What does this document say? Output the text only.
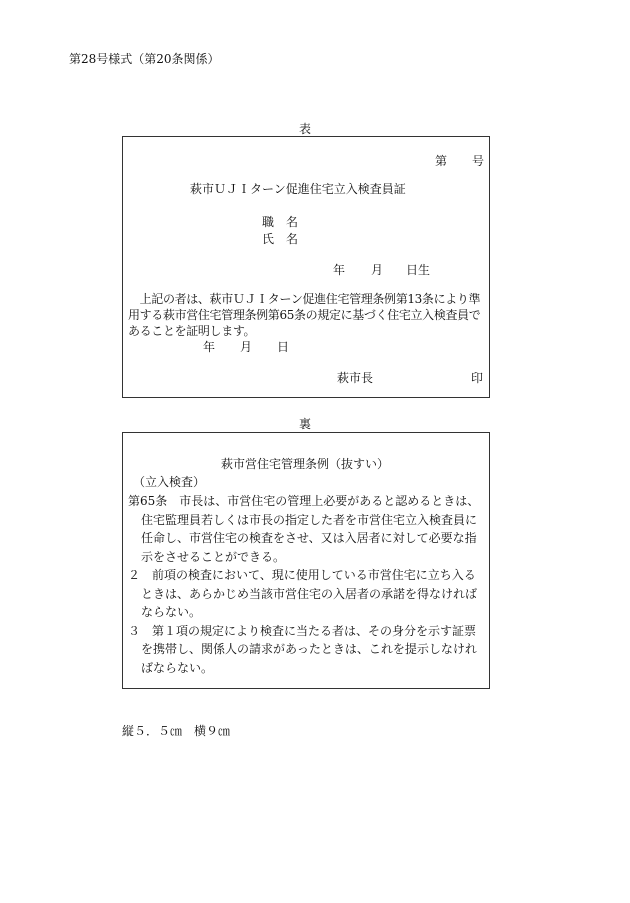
第28号様式（第20条関係）
表
第 号
萩市ＵＪＩターン促進住宅立入検査員証
職　名
氏　名
年 月 日生
　上記の者は、萩市ＵＪＩターン促進住宅管理条例第13条により準用する萩市営住宅管理条例第65条の規定に基づく住宅立入検査員であることを証明します。
年 月 日
萩市長	印
裏
萩市営住宅管理条例（抜すい）
（立入検査）

第65条　市長は、市営住宅の管理上必要があると認めるときは、住宅監理員若しくは市長の指定した者を市営住宅立入検査員に任命し、市営住宅の検査をさせ、又は入居者に対して必要な指示をさせることができる。

２　前項の検査において、現に使用している市営住宅に立ち入るときは、あらかじめ当該市営住宅の入居者の承諾を得なければならない。

３　第１項の規定により検査に当たる者は、その身分を示す証票を携帯し、関係人の請求があったときは、これを提示しなければならない。

縦５．５㎝　横９㎝
